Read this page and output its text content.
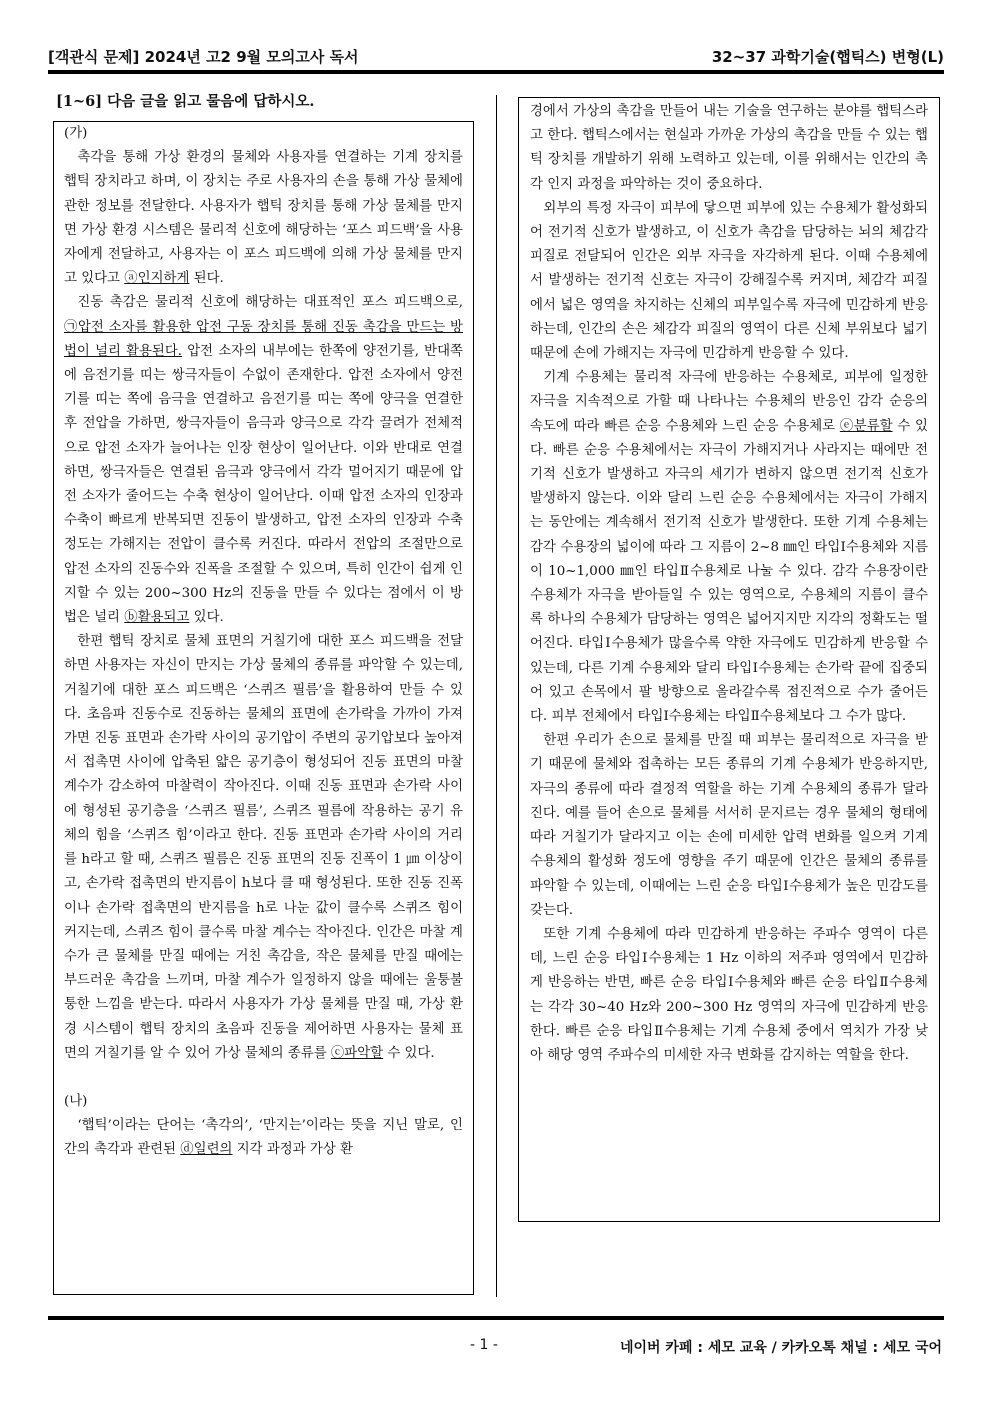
[객관식 문제] 2024년 고2 9월 모의고사 독서	32~37 과학기술(햅틱스) 변형(L)
[1~6] 다음 글을 읽고 물음에 답하시오.

(가)

촉각을 통해 가상 환경의 물체와 사용자를 연결하는 기계 장치를 햅틱 장치라고 하며, 이 장치는 주로 사용자의 손을 통해 가상 물체에 관한 정보를 전달한다. 사용자가 햅틱 장치를 통해 가상 물체를 만지면 가상 환경 시스템은 물리적 신호에 해당하는 ‘포스 피드백’을 사용자에게 전달하고, 사용자는 이 포스 피드백에 의해 가상 물체를 만지고 있다고 ⓐ인지하게 된다.

진동 촉감은 물리적 신호에 해당하는 대표적인 포스 피드백으로, ㉠압전 소자를 활용한 압전 구동 장치를 통해 진동 촉감을 만드는 방법이 널리 활용된다. 압전 소자의 내부에는 한쪽에 양전기를, 반대쪽에 음전기를 띠는 쌍극자들이 수없이 존재한다. 압전 소자에서 양전기를 띠는 쪽에 음극을 연결하고 음전기를 띠는 쪽에 양극을 연결한 후 전압을 가하면, 쌍극자들이 음극과 양극으로 각각 끌려가 전체적으로 압전 소자가 늘어나는 인장 현상이 일어난다. 이와 반대로 연결하면, 쌍극자들은 연결된 음극과 양극에서 각각 멀어지기 때문에 압전 소자가 줄어드는 수축 현상이 일어난다. 이때 압전 소자의 인장과 수축이 빠르게 반복되면 진동이 발생하고, 압전 소자의 인장과 수축 정도는 가해지는 전압이 클수록 커진다. 따라서 전압의 조절만으로 압전 소자의 진동수와 진폭을 조절할 수 있으며, 특히 인간이 쉽게 인지할 수 있는 200~300 Hz의 진동을 만들 수 있다는 점에서 이 방법은 널리 ⓑ활용되고 있다.

한편 햅틱 장치로 물체 표면의 거칠기에 대한 포스 피드백을 전달하면 사용자는 자신이 만지는 가상 물체의 종류를 파악할 수 있는데, 거칠기에 대한 포스 피드백은 ‘스퀴즈 필름’을 활용하여 만들 수 있다. 초음파 진동수로 진동하는 물체의 표면에 손가락을 가까이 가져가면 진동 표면과 손가락 사이의 공기압이 주변의 공기압보다 높아져서 접촉면 사이에 압축된 얇은 공기층이 형성되어 진동 표면의 마찰 계수가 감소하여 마찰력이 작아진다. 이때 진동 표면과 손가락 사이에 형성된 공기층을 ‘스퀴즈 필름’, 스퀴즈 필름에 작용하는 공기 유체의 힘을 ‘스퀴즈 힘’이라고 한다. 진동 표면과 손가락 사이의 거리를 h라고 할 때, 스퀴즈 필름은 진동 표면의 진동 진폭이 1 ㎛ 이상이고, 손가락 접촉면의 반지름이 h보다 클 때 형성된다. 또한 진동 진폭이나 손가락 접촉면의 반지름을 h로 나눈 값이 클수록 스퀴즈 힘이 커지는데, 스퀴즈 힘이 클수록 마찰 계수는 작아진다. 인간은 마찰 계수가 큰 물체를 만질 때에는 거친 촉감을, 작은 물체를 만질 때에는 부드러운 촉감을 느끼며, 마찰 계수가 일정하지 않을 때에는 울퉁불퉁한 느낌을 받는다. 따라서 사용자가 가상 물체를 만질 때, 가상 환경 시스템이 햅틱 장치의 초음파 진동을 제어하면 사용자는 물체 표면의 거칠기를 알 수 있어 가상 물체의 종류를 ⓒ파악할 수 있다.

(나)

‘햅틱’이라는 단어는 ‘촉각의’, ‘만지는’이라는 뜻을 지닌 말로, 인간의 촉각과 관련된 ⓓ일련의 지각 과정과 가상 환

경에서 가상의 촉감을 만들어 내는 기술을 연구하는 분야를 햅틱스라고 한다. 햅틱스에서는 현실과 가까운 가상의 촉감을 만들 수 있는 햅틱 장치를 개발하기 위해 노력하고 있는데, 이를 위해서는 인간의 촉각 인지 과정을 파악하는 것이 중요하다.

외부의 특정 자극이 피부에 닿으면 피부에 있는 수용체가 활성화되어 전기적 신호가 발생하고, 이 신호가 촉감을 담당하는 뇌의 체감각 피질로 전달되어 인간은 외부 자극을 자각하게 된다. 이때 수용체에서 발생하는 전기적 신호는 자극이 강해질수록 커지며, 체감각 피질에서 넓은 영역을 차지하는 신체의 피부일수록 자극에 민감하게 반응하는데, 인간의 손은 체감각 피질의 영역이 다른 신체 부위보다 넓기 때문에 손에 가해지는 자극에 민감하게 반응할 수 있다.

기계 수용체는 물리적 자극에 반응하는 수용체로, 피부에 일정한 자극을 지속적으로 가할 때 나타나는 수용체의 반응인 감각 순응의 속도에 따라 빠른 순응 수용체와 느린 순응 수용체로 ⓔ분류할 수 있다. 빠른 순응 수용체에서는 자극이 가해지거나 사라지는 때에만 전기적 신호가 발생하고 자극의 세기가 변하지 않으면 전기적 신호가 발생하지 않는다. 이와 달리 느린 순응 수용체에서는 자극이 가해지는 동안에는 계속해서 전기적 신호가 발생한다. 또한 기계 수용체는 감각 수용장의 넓이에 따라 그 지름이 2~8 ㎜인 타입Ⅰ수용체와 지름이 10~1,000 ㎜인 타입Ⅱ수용체로 나눌 수 있다. 감각 수용장이란 수용체가 자극을 받아들일 수 있는 영역으로, 수용체의 지름이 클수록 하나의 수용체가 담당하는 영역은 넓어지지만 지각의 정확도는 떨어진다. 타입Ⅰ수용체가 많을수록 약한 자극에도 민감하게 반응할 수 있는데, 다른 기계 수용체와 달리 타입Ⅰ수용체는 손가락 끝에 집중되어 있고 손목에서 팔 방향으로 올라갈수록 점진적으로 수가 줄어든다. 피부 전체에서 타입Ⅰ수용체는 타입Ⅱ수용체보다 그 수가 많다.

한편 우리가 손으로 물체를 만질 때 피부는 물리적으로 자극을 받기 때문에 물체와 접촉하는 모든 종류의 기계 수용체가 반응하지만, 자극의 종류에 따라 결정적 역할을 하는 기계 수용체의 종류가 달라진다. 예를 들어 손으로 물체를 서서히 문지르는 경우 물체의 형태에 따라 거칠기가 달라지고 이는 손에 미세한 압력 변화를 일으켜 기계 수용체의 활성화 정도에 영향을 주기 때문에 인간은 물체의 종류를 파악할 수 있는데, 이때에는 느린 순응 타입Ⅰ수용체가 높은 민감도를 갖는다.

또한 기계 수용체에 따라 민감하게 반응하는 주파수 영역이 다른데, 느린 순응 타입Ⅰ수용체는 1 Hz 이하의 저주파 영역에서 민감하게 반응하는 반면, 빠른 순응 타입Ⅰ수용체와 빠른 순응 타입Ⅱ수용체는 각각 30~40 Hz와 200~300 Hz 영역의 자극에 민감하게 반응한다. 빠른 순응 타입Ⅱ수용체는 기계 수용체 중에서 역치가 가장 낮아 해당 영역 주파수의 미세한 자극 변화를 감지하는 역할을 한다.

- 1 -	네이버 카페 : 세모 교육 / 카카오톡 채널 : 세모 국어
